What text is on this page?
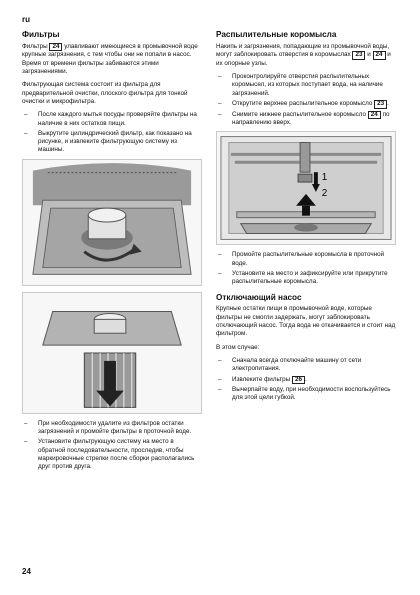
ru
Фильтры

Фильтры 24 улавливают имеющиеся в промывочной воде крупные загрязнения, с тем чтобы они не попали в насос. Время от времени фильтры забиваются этими загрязнениями.

Фильтрующая система состоит из фильтра для предварительной очистки, плоского фильтра для тонкой очистки и микрофильтра.

– После каждого мытья посуды проверяйте фильтры на наличие в них остатков пищи.
– Выкрутите цилиндрический фильтр, как показано на рисунке, и извлеките фильтрующую систему из машины.
– При необходимости удалите из фильтров остатки загрязнений и промойте фильтры в проточной воде.
– Установите фильтрующую систему на место в обратной последовательности, проследив, чтобы маркировочные стрелки после сборки располагались друг против друга.
Распылительные коромысла

Накипь и загрязнения, попадающие из промывочной воды, могут заблокировать отверстия в коромыслах 23 и 24 и их опорные узлы.

– Проконтролируйте отверстия распылительных коромысел, из которых поступает вода, на наличие загрязнений.
– Открутите верхнее распылительное коромысло 23 .
– Снимите нижнее распылительное коромысло 24 по направлению вверх.
1
2
– Промойте распылительные коромысла в проточной воде.
– Установите на место и зафиксируйте или прикрутите распылительные коромысла.
Отключающий насос

Крупные остатки пищи в промывочной воде, которые фильтры не смогли задержать, могут заблокировать отключающий насос. Тогда вода не откачивается и стоит над фильтром.

В этом случае:

– Сначала всегда отключайте машину от сети электропитания.
– Извлеките фильтры 26 .
– Вычерпайте воду, при необходимости воспользуйтесь для этой цели губкой.
24
